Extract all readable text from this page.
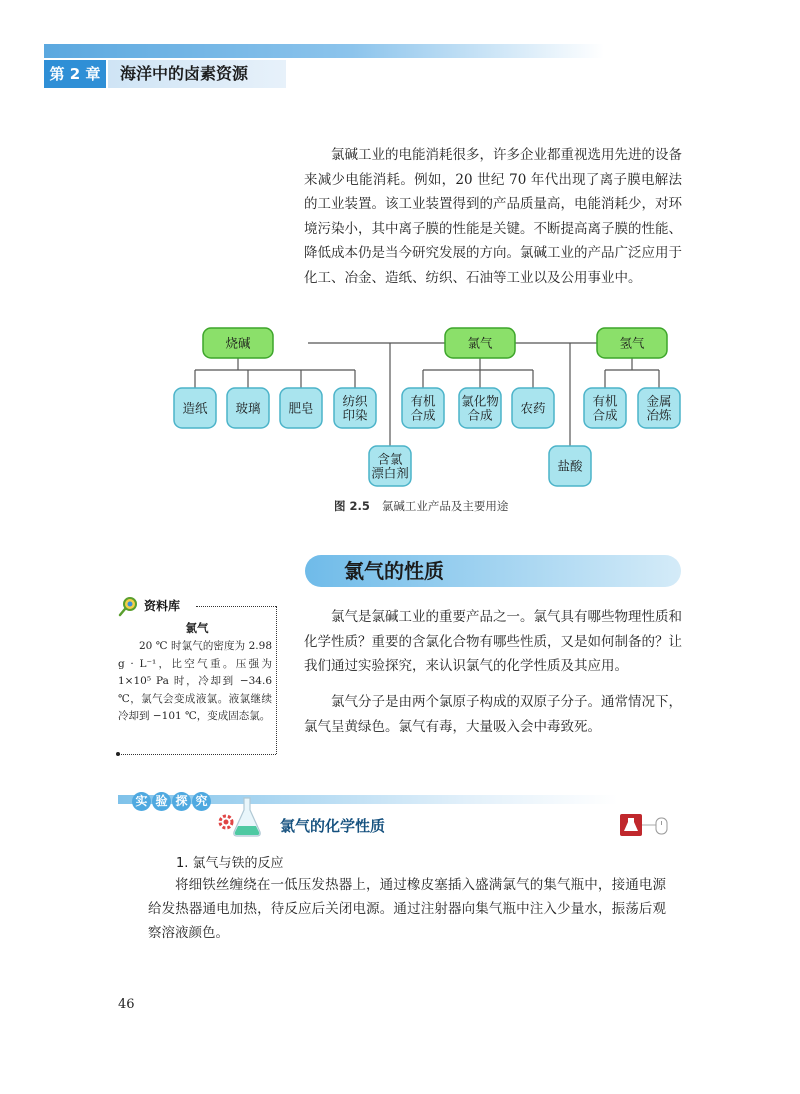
第 2 章	海洋中的卤素资源

氯碱工业的电能消耗很多，许多企业都重视选用先进的设备来减少电能消耗。例如，20 世纪 70 年代出现了离子膜电解法的工业装置。该工业装置得到的产品质量高，电能消耗少，对环境污染小，其中离子膜的性能是关键。不断提高离子膜的性能、降低成本仍是当今研究发展的方向。氯碱工业的产品广泛应用于化工、冶金、造纸、纺织、石油等工业以及公用事业中。

烧碱	氯气	氢气
造纸 玻璃 肥皂 纺织
印染
有机
合成
氯化物
合成 农药	有机
合成
金属
冶炼
含氯
漂白剂	盐酸
图 2.5 氯碱工业产品及主要用途
氯气的性质

氯气是氯碱工业的重要产品之一。氯气具有哪些物理性质和化学性质？重要的含氯化合物有哪些性质，又是如何制备的？让我们通过实验探究，来认识氯气的化学性质及其应用。

氯气分子是由两个氯原子构成的双原子分子。通常情况下，氯气呈黄绿色。氯气有毒，大量吸入会中毒致死。

资料库
氯气

20 ℃ 时氯气的密度为 2.98 g · L⁻¹，比空气重。压强为 1×10⁵ Pa 时，冷却到 −34.6 ℃，氯气会变成液氯。液氯继续冷却到 −101 ℃，变成固态氯。

实 验 探 究
氯气的化学性质
1. 氯气与铁的反应

将细铁丝缠绕在一低压发热器上，通过橡皮塞插入盛满氯气的集气瓶中，接通电源给发热器通电加热，待反应后关闭电源。通过注射器向集气瓶中注入少量水，振荡后观察溶液颜色。

46
